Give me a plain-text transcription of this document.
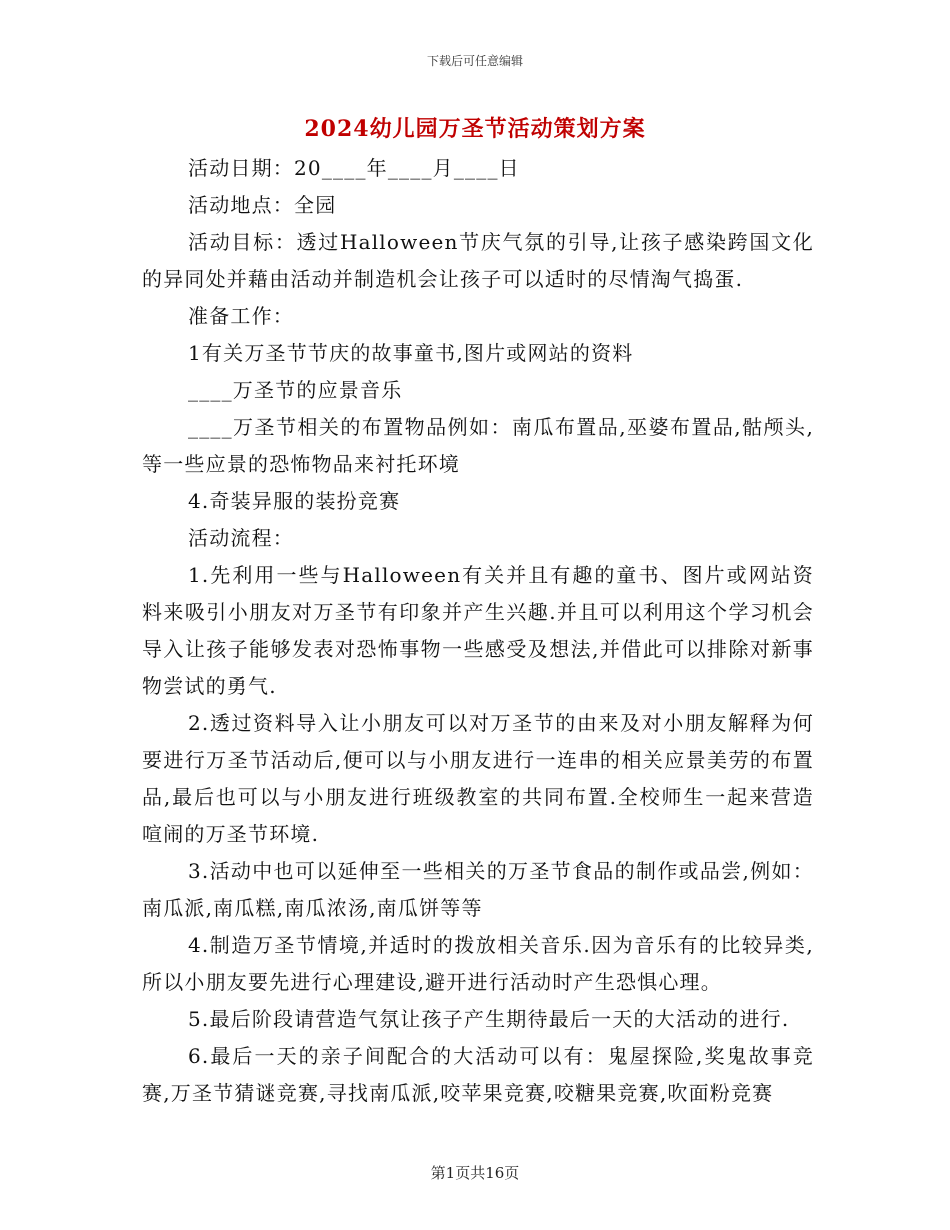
下载后可任意编辑
2024幼儿园万圣节活动策划方案

活动日期：20____年____月____日

活动地点：全园

活动目标：透过Halloween节庆气氛的引导,让孩子感染跨国文化的异同处并藉由活动并制造机会让孩子可以适时的尽情淘气捣蛋.

准备工作：

1有关万圣节节庆的故事童书,图片或网站的资料

____万圣节的应景音乐

____万圣节相关的布置物品例如：南瓜布置品,巫婆布置品,骷颅头,等一些应景的恐怖物品来衬托环境

4.奇装异服的装扮竞赛

活动流程：

1.先利用一些与Halloween有关并且有趣的童书、图片或网站资料来吸引小朋友对万圣节有印象并产生兴趣.并且可以利用这个学习机会导入让孩子能够发表对恐怖事物一些感受及想法,并借此可以排除对新事物尝试的勇气.

2.透过资料导入让小朋友可以对万圣节的由来及对小朋友解释为何要进行万圣节活动后,便可以与小朋友进行一连串的相关应景美劳的布置品,最后也可以与小朋友进行班级教室的共同布置.全校师生一起来营造喧闹的万圣节环境.

3.活动中也可以延伸至一些相关的万圣节食品的制作或品尝,例如：南瓜派,南瓜糕,南瓜浓汤,南瓜饼等等

4.制造万圣节情境,并适时的拨放相关音乐.因为音乐有的比较异类,所以小朋友要先进行心理建设,避开进行活动时产生恐惧心理。

5.最后阶段请营造气氛让孩子产生期待最后一天的大活动的进行.

6.最后一天的亲子间配合的大活动可以有：鬼屋探险,奖鬼故事竞赛,万圣节猜谜竞赛,寻找南瓜派,咬苹果竞赛,咬糖果竞赛,吹面粉竞赛

第1页共16页
